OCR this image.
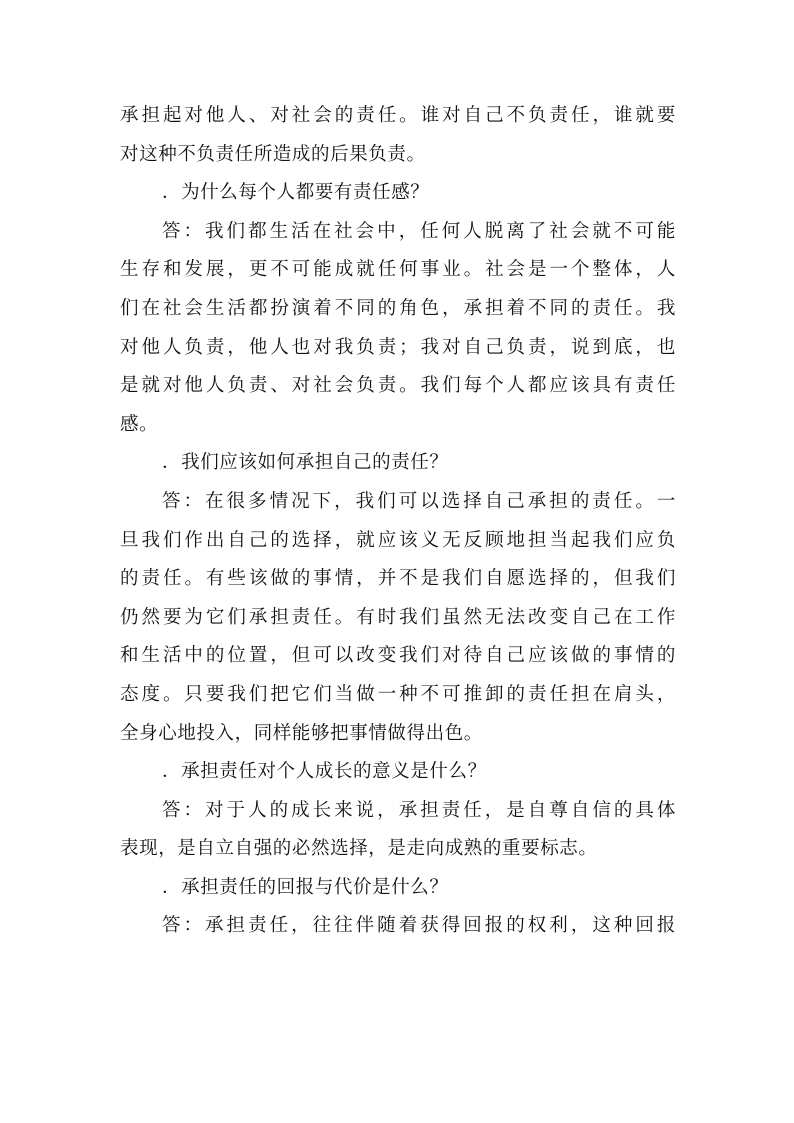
承担起对他人、对社会的责任。谁对自己不负责任，谁就要
对这种不负责任所造成的后果负责。
．为什么每个人都要有责任感？
答：我们都生活在社会中，任何人脱离了社会就不可能
生存和发展，更不可能成就任何事业。社会是一个整体，人
们在社会生活都扮演着不同的角色，承担着不同的责任。我
对他人负责，他人也对我负责；我对自己负责，说到底，也
是就对他人负责、对社会负责。我们每个人都应该具有责任
感。
．我们应该如何承担自己的责任？
答：在很多情况下，我们可以选择自己承担的责任。一
旦我们作出自己的选择，就应该义无反顾地担当起我们应负
的责任。有些该做的事情，并不是我们自愿选择的，但我们
仍然要为它们承担责任。有时我们虽然无法改变自己在工作
和生活中的位置，但可以改变我们对待自己应该做的事情的
态度。只要我们把它们当做一种不可推卸的责任担在肩头，
全身心地投入，同样能够把事情做得出色。
．承担责任对个人成长的意义是什么？
答：对于人的成长来说，承担责任，是自尊自信的具体
表现，是自立自强的必然选择，是走向成熟的重要标志。
．承担责任的回报与代价是什么？
答：承担责任，往往伴随着获得回报的权利，这种回报
